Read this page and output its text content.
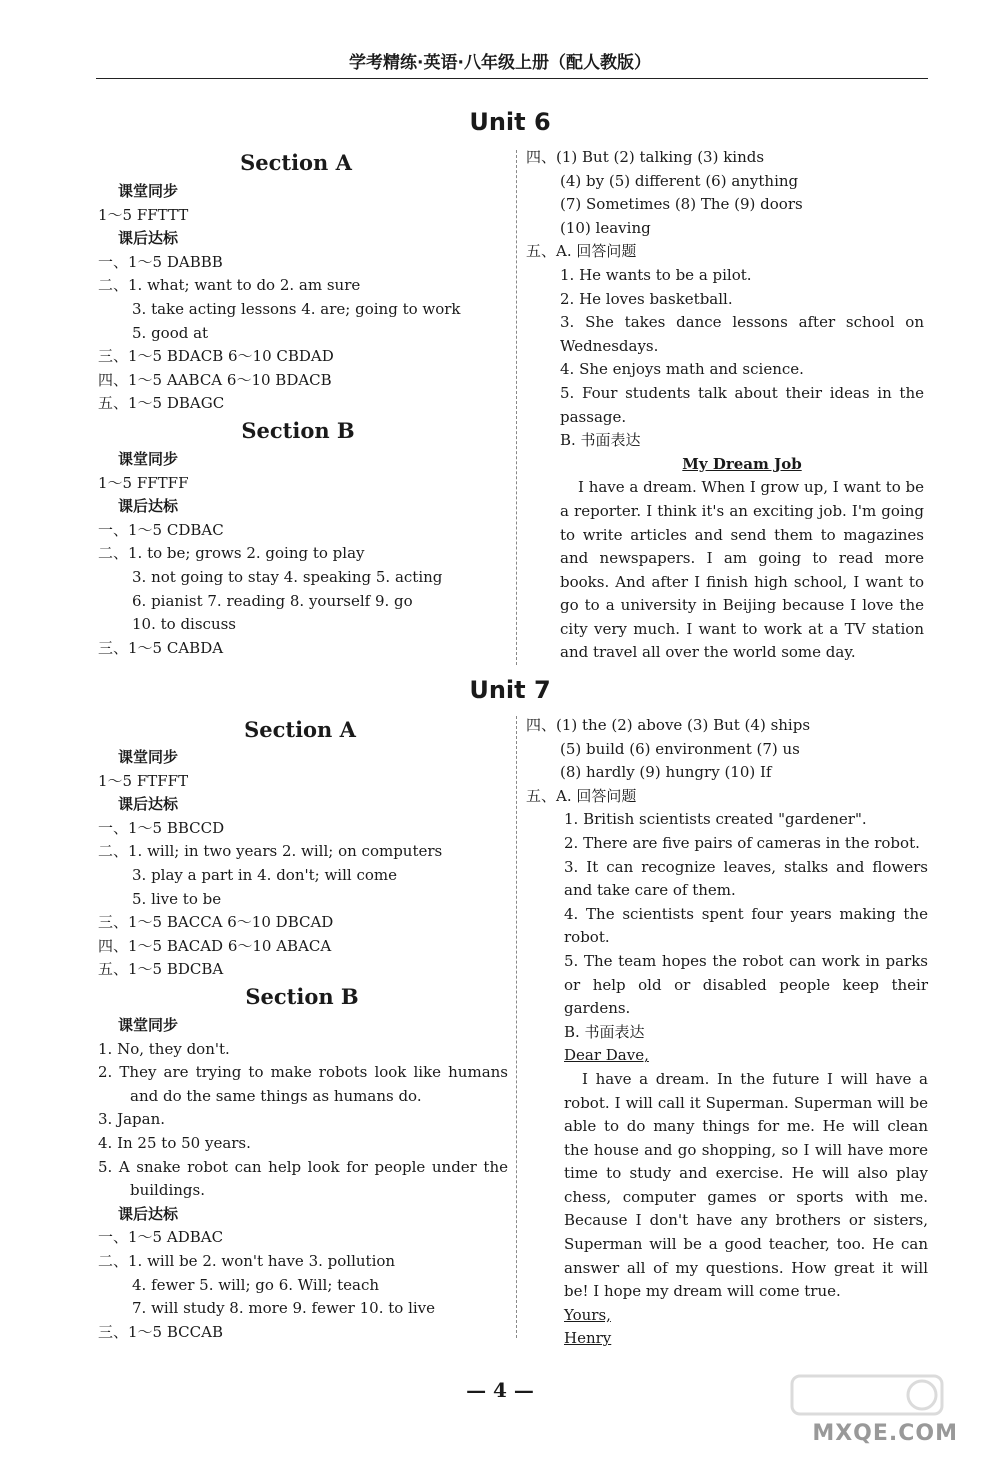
学考精练·英语·八年级上册（配人教版）
Unit 6
Section A
课堂同步
1～5 FFTTT
课后达标
一、1～5 DABBB
二、1. what; want to do 2. am sure
3. take acting lessons 4. are; going to work
5. good at
三、1～5 BDACB 6～10 CBDAD
四、1～5 AABCA 6～10 BDACB
五、1～5 DBAGC
Section B
课堂同步
1～5 FFTFF
课后达标
一、1～5 CDBAC
二、1. to be; grows 2. going to play
3. not going to stay 4. speaking 5. acting
6. pianist 7. reading 8. yourself 9. go
10. to discuss
三、1～5 CABDA
四、(1) But (2) talking (3) kinds
(4) by (5) different (6) anything
(7) Sometimes (8) The (9) doors
(10) leaving
五、A. 回答问题
1. He wants to be a pilot.
2. He loves basketball.
3. She takes dance lessons after school on Wednesdays.
4. She enjoys math and science.
5. Four students talk about their ideas in the passage.
B. 书面表达
My Dream Job
I have a dream. When I grow up, I want to be a reporter. I think it's an exciting job. I'm going to write articles and send them to magazines and newspapers. I am going to read more books. And after I finish high school, I want to go to a university in Beijing because I love the city very much. I want to work at a TV station and travel all over the world some day.
Unit 7
Section A
课堂同步
1～5 FTFFT
课后达标
一、1～5 BBCCD
二、1. will; in two years 2. will; on computers
3. play a part in 4. don't; will come
5. live to be
三、1～5 BACCA 6～10 DBCAD
四、1～5 BACAD 6～10 ABACA
五、1～5 BDCBA
Section B
课堂同步
1. No, they don't.
2. They are trying to make robots look like humans and do the same things as humans do.
3. Japan.
4. In 25 to 50 years.
5. A snake robot can help look for people under the buildings.
课后达标
一、1～5 ADBAC
二、1. will be 2. won't have 3. pollution
4. fewer 5. will; go 6. Will; teach
7. will study 8. more 9. fewer 10. to live
三、1～5 BCCAB
四、(1) the (2) above (3) But (4) ships
(5) build (6) environment (7) us
(8) hardly (9) hungry (10) If
五、A. 回答问题
1. British scientists created "gardener".
2. There are five pairs of cameras in the robot.
3. It can recognize leaves, stalks and flowers and take care of them.
4. The scientists spent four years making the robot.
5. The team hopes the robot can work in parks or help old or disabled people keep their gardens.
B. 书面表达
Dear Dave,
I have a dream. In the future I will have a robot. I will call it Superman. Superman will be able to do many things for me. He will clean the house and go shopping, so I will have more time to study and exercise. He will also play chess, computer games or sports with me. Because I don't have any brothers or sisters, Superman will be a good teacher, too. He can answer all of my questions. How great it will be! I hope my dream will come true.
Yours,
Henry
— 4 —
MXQE.COM
